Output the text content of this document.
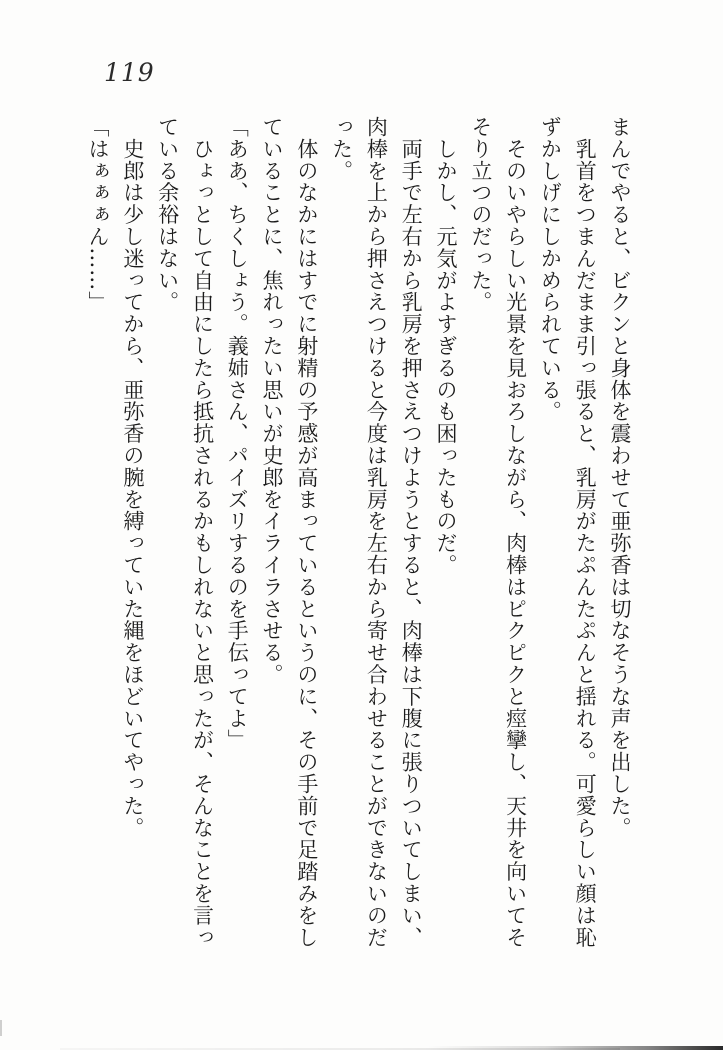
119
まんでやると、ビクンと身体を震わせて亜弥香は切なそうな声を出した。
　乳首をつまんだまま引っ張ると、乳房がたぷんたぷんと揺れる。可愛らしい顔は恥
ずかしげにしかめられている。
　そのいやらしい光景を見おろしながら、肉棒はピクピクと痙攣し、天井を向いてそ
そり立つのだった。
　しかし、元気がよすぎるのも困ったものだ。
　両手で左右から乳房を押さえつけようとすると、肉棒は下腹に張りついてしまい、
肉棒を上から押さえつけると今度は乳房を左右から寄せ合わせることができないのだ
った。
　体のなかにはすでに射精の予感が高まっているというのに、その手前で足踏みをし
ていることに、焦れったい思いが史郎をイライラさせる。
「ああ、ちくしょう。義姉さん、パイズリするのを手伝ってよ」
　ひょっとして自由にしたら抵抗されるかもしれないと思ったが、そんなことを言っ
ている余裕はない。
　史郎は少し迷ってから、亜弥香の腕を縛っていた縄をほどいてやった。
「はぁぁぁん……」
